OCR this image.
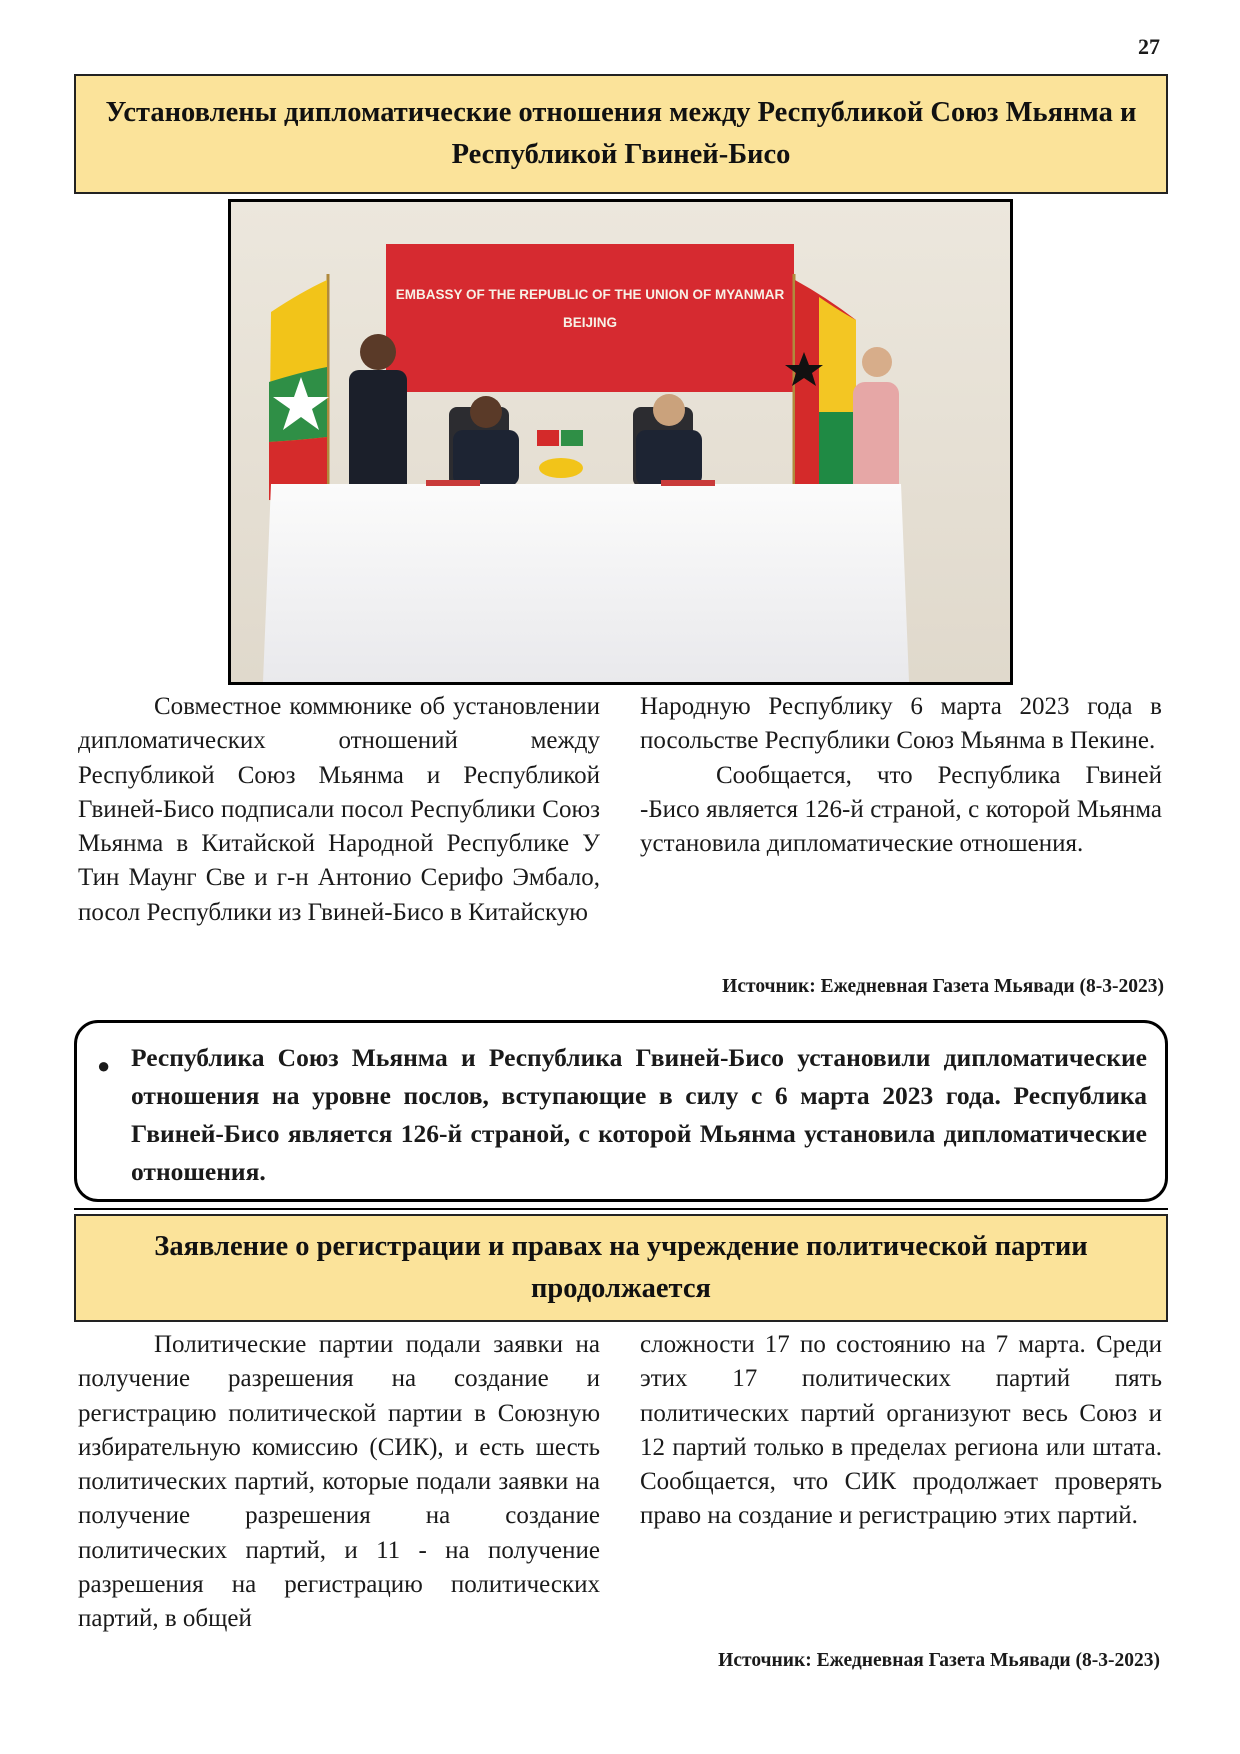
27
Установлены дипломатические отношения между Республикой Союз Мьянма и Республикой Гвиней-Бисо
EMBASSY OF THE REPUBLIC OF THE UNION OF MYANMAR
BEIJING

Совместное коммюнике об установлении дипломатических отношений между Республикой Союз Мьянма и Республикой Гвиней-Бисо подписали посол Республики Союз Мьянма в Китайской Народной Республике У Тин Маунг Све и г-н Антонио Серифо Эмбало, посол Республики из Гвиней-Бисо в Китайскую

Народную Республику 6 марта 2023 года в посольстве Республики Союз Мьянма в Пекине.

Сообщается, что Республика Гвиней -Бисо является 126-й страной, с которой Мьянма установила дипломатические отношения.

Источник: Ежедневная Газета Мьявади (8-3-2023)
● Республика Союз Мьянма и Республика Гвиней-Бисо установили дипломатические отношения на уровне послов, вступающие в силу с 6 марта 2023 года. Республика Гвиней-Бисо является 126-й страной, с которой Мьянма установила дипломатические отношения.
Заявление о регистрации и правах на учреждение политической партии продолжается

Политические партии подали заявки на получение разрешения на создание и регистрацию политической партии в Союзную избирательную комиссию (СИК), и есть шесть политических партий, которые подали заявки на получение разрешения на создание политических партий, и 11 - на получение разрешения на регистрацию политических партий, в общей

сложности 17 по состоянию на 7 марта. Среди этих 17 политических партий пять политических партий организуют весь Союз и 12 партий только в пределах региона или штата. Сообщается, что СИК продолжает проверять право на создание и регистрацию этих партий.

Источник: Ежедневная Газета Мьявади (8-3-2023)
